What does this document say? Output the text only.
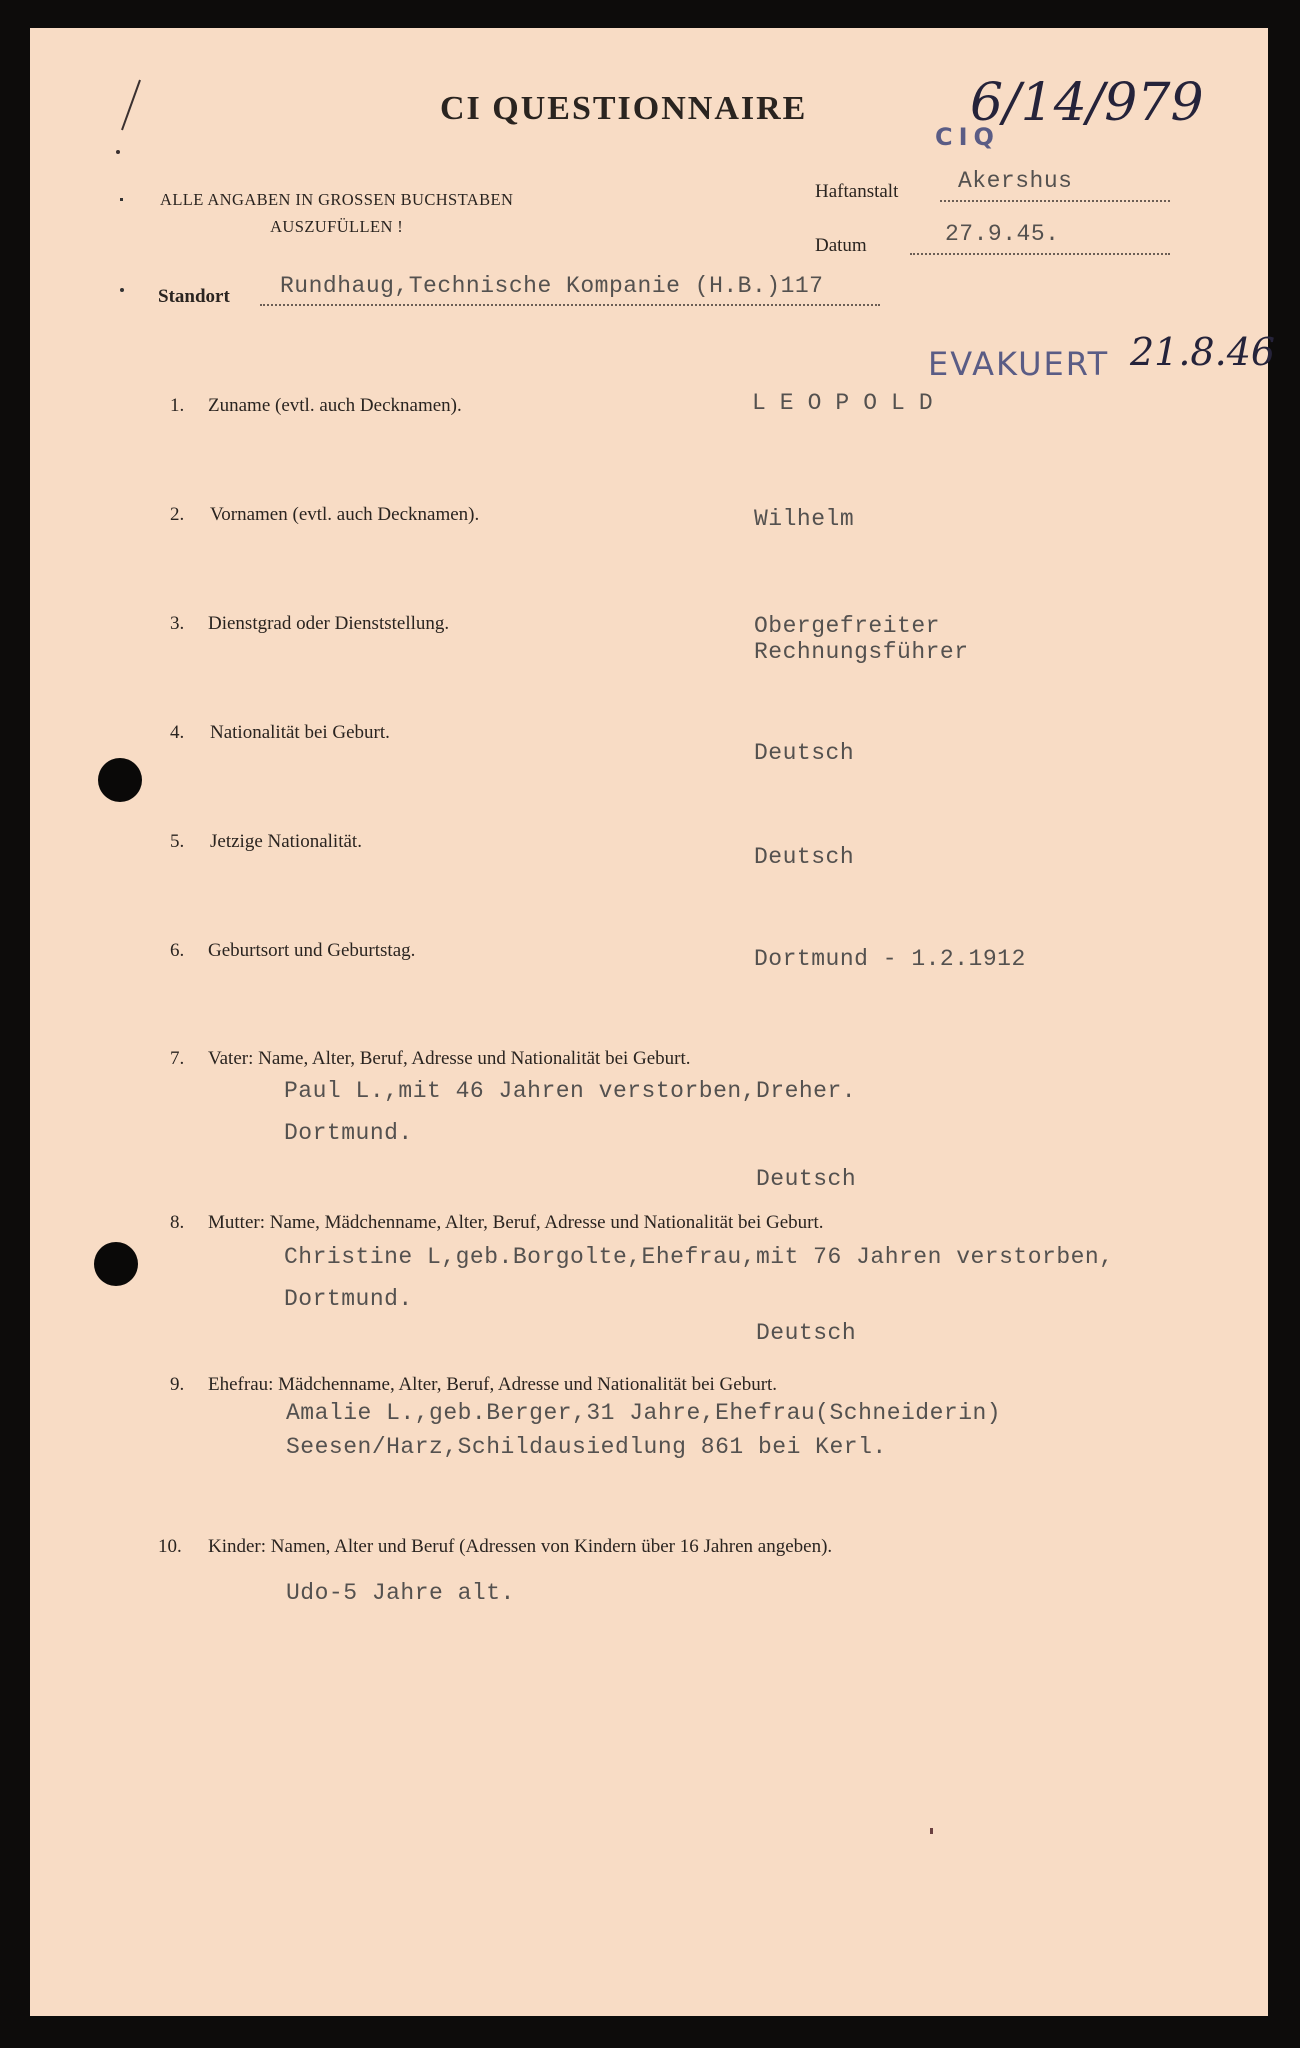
CI QUESTIONNAIRE
ALLE ANGABEN IN GROSSEN BUCHSTABEN
AUSZUFÜLLEN !
Haftanstalt	Akershus
Datum	27.9.45.
Standort Rundhaug,Technische Kompanie (H.B.)117
CIQ
6/14/979
EVAKUERT 21.8.46
1. Zuname (evtl. auch Decknamen).	LEOPOLD
2. Vornamen (evtl. auch Decknamen).	Wilhelm
3. Dienstgrad oder Dienststellung.	Obergefreiter
Rechnungsführer
4. Nationalität bei Geburt.
Deutsch
5. Jetzige Nationalität.
Deutsch
6. Geburtsort und Geburtstag.	Dortmund - 1.2.1912
7. Vater: Name, Alter, Beruf, Adresse und Nationalität bei Geburt.
Paul L.,mit 46 Jahren verstorben,Dreher.
Dortmund.
Deutsch
8. Mutter: Name, Mädchenname, Alter, Beruf, Adresse und Nationalität bei Geburt.
Christine L,geb.Borgolte,Ehefrau,mit 76 Jahren verstorben,
Dortmund.
Deutsch
9. Ehefrau: Mädchenname, Alter, Beruf, Adresse und Nationalität bei Geburt.
Amalie L.,geb.Berger,31 Jahre,Ehefrau(Schneiderin)
Seesen/Harz,Schildausiedlung 861 bei Kerl.
10. Kinder: Namen, Alter und Beruf (Adressen von Kindern über 16 Jahren angeben).
Udo-5 Jahre alt.
